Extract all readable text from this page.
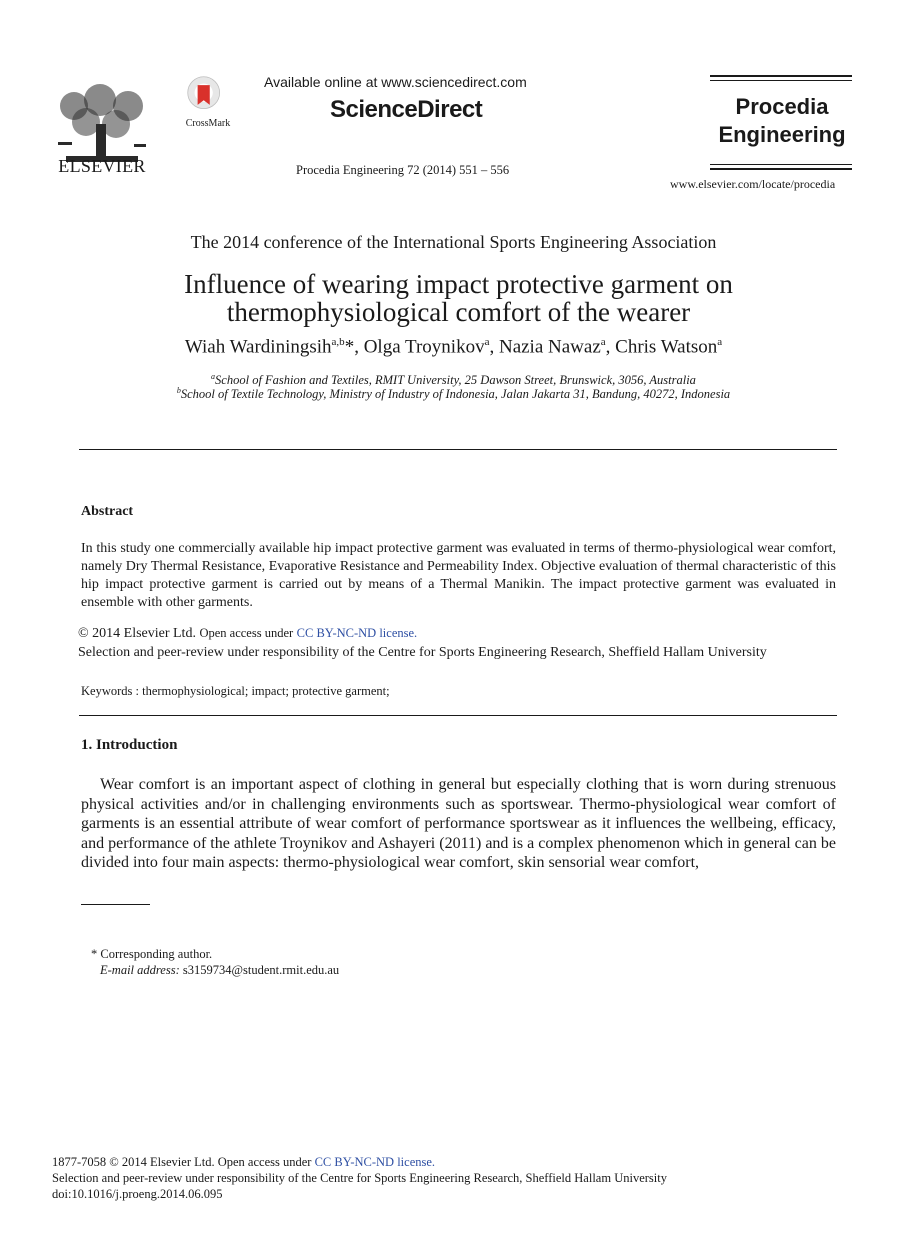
ELSEVIER
CrossMark
Available online at www.sciencedirect.com
ScienceDirect
Procedia Engineering 72 (2014) 551 – 556
Procedia
Engineering
www.elsevier.com/locate/procedia
The 2014 conference of the International Sports Engineering Association
Influence of wearing impact protective garment on
thermophysiological comfort of the wearer
Wiah Wardiningsih$^{a,b}$*, Olga Troynikov$^a$, Nazia Nawaz$^a$, Chris Watson$^a$
$^a$School of Fashion and Textiles, RMIT University, 25 Dawson Street, Brunswick, 3056, Australia
$^b$School of Textile Technology, Ministry of Industry of Indonesia, Jalan Jakarta 31, Bandung, 40272, Indonesia
Abstract
In this study one commercially available hip impact protective garment was evaluated in terms of thermo-physiological wear comfort, namely Dry Thermal Resistance, Evaporative Resistance and Permeability Index. Objective evaluation of thermal characteristic of this hip impact protective garment is carried out by means of a Thermal Manikin. The impact protective garment was evaluated in ensemble with other garments.
© 2014 Elsevier Ltd. Open access under CC BY-NC-ND license.
Selection and peer-review under responsibility of the Centre for Sports Engineering Research, Sheffield Hallam University
Keywords : thermophysiological; impact; protective garment;
1. Introduction
Wear comfort is an important aspect of clothing in general but especially clothing that is worn during strenuous physical activities and/or in challenging environments such as sportswear. Thermo-physiological wear comfort of garments is an essential attribute of wear comfort of performance sportswear as it influences the wellbeing, efficacy, and performance of the athlete Troynikov and Ashayeri (2011) and is a complex phenomenon which in general can be divided into four main aspects: thermo-physiological wear comfort, skin sensorial wear comfort,
* Corresponding author.
E-mail address: s3159734@student.rmit.edu.au
1877-7058 © 2014 Elsevier Ltd. Open access under CC BY-NC-ND license.
Selection and peer-review under responsibility of the Centre for Sports Engineering Research, Sheffield Hallam University
doi:10.1016/j.proeng.2014.06.095
